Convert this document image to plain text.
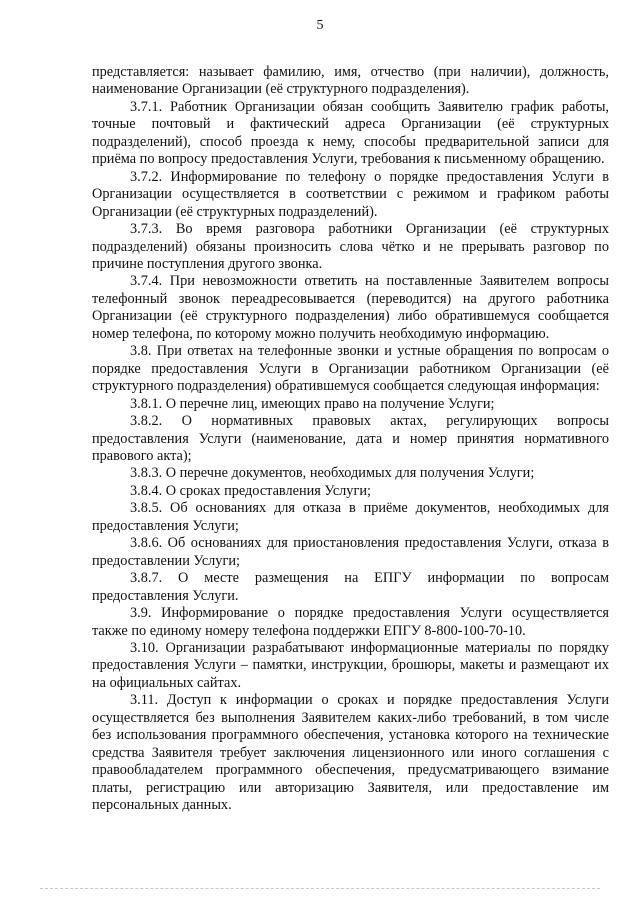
5

представляется: называет фамилию, имя, отчество (при наличии), должность, наименование Организации (её структурного подразделения).

3.7.1. Работник Организации обязан сообщить Заявителю график работы, точные почтовый и фактический адреса Организации (её структурных подразделений), способ проезда к нему, способы предварительной записи для приёма по вопросу предоставления Услуги, требования к письменному обращению.

3.7.2. Информирование по телефону о порядке предоставления Услуги в Организации осуществляется в соответствии с режимом и графиком работы Организации (её структурных подразделений).

3.7.3. Во время разговора работники Организации (её структурных подразделений) обязаны произносить слова чётко и не прерывать разговор по причине поступления другого звонка.

3.7.4. При невозможности ответить на поставленные Заявителем вопросы телефонный звонок переадресовывается (переводится) на другого работника Организации (её структурного подразделения) либо обратившемуся сообщается номер телефона, по которому можно получить необходимую информацию.

3.8. При ответах на телефонные звонки и устные обращения по вопросам о порядке предоставления Услуги в Организации работником Организации (её структурного подразделения) обратившемуся сообщается следующая информация:

3.8.1. О перечне лиц, имеющих право на получение Услуги;

3.8.2. О нормативных правовых актах, регулирующих вопросы предоставления Услуги (наименование, дата и номер принятия нормативного правового акта);

3.8.3. О перечне документов, необходимых для получения Услуги;

3.8.4. О сроках предоставления Услуги;

3.8.5. Об основаниях для отказа в приёме документов, необходимых для предоставления Услуги;

3.8.6. Об основаниях для приостановления предоставления Услуги, отказа в предоставлении Услуги;

3.8.7. О месте размещения на ЕПГУ информации по вопросам предоставления Услуги.

3.9. Информирование о порядке предоставления Услуги осуществляется также по единому номеру телефона поддержки ЕПГУ 8-800-100-70-10.

3.10. Организации разрабатывают информационные материалы по порядку предоставления Услуги – памятки, инструкции, брошюры, макеты и размещают их на официальных сайтах.

3.11. Доступ к информации о сроках и порядке предоставления Услуги осуществляется без выполнения Заявителем каких-либо требований, в том числе без использования программного обеспечения, установка которого на технические средства Заявителя требует заключения лицензионного или иного соглашения с правообладателем программного обеспечения, предусматривающего взимание платы, регистрацию или авторизацию Заявителя, или предоставление им персональных данных.
